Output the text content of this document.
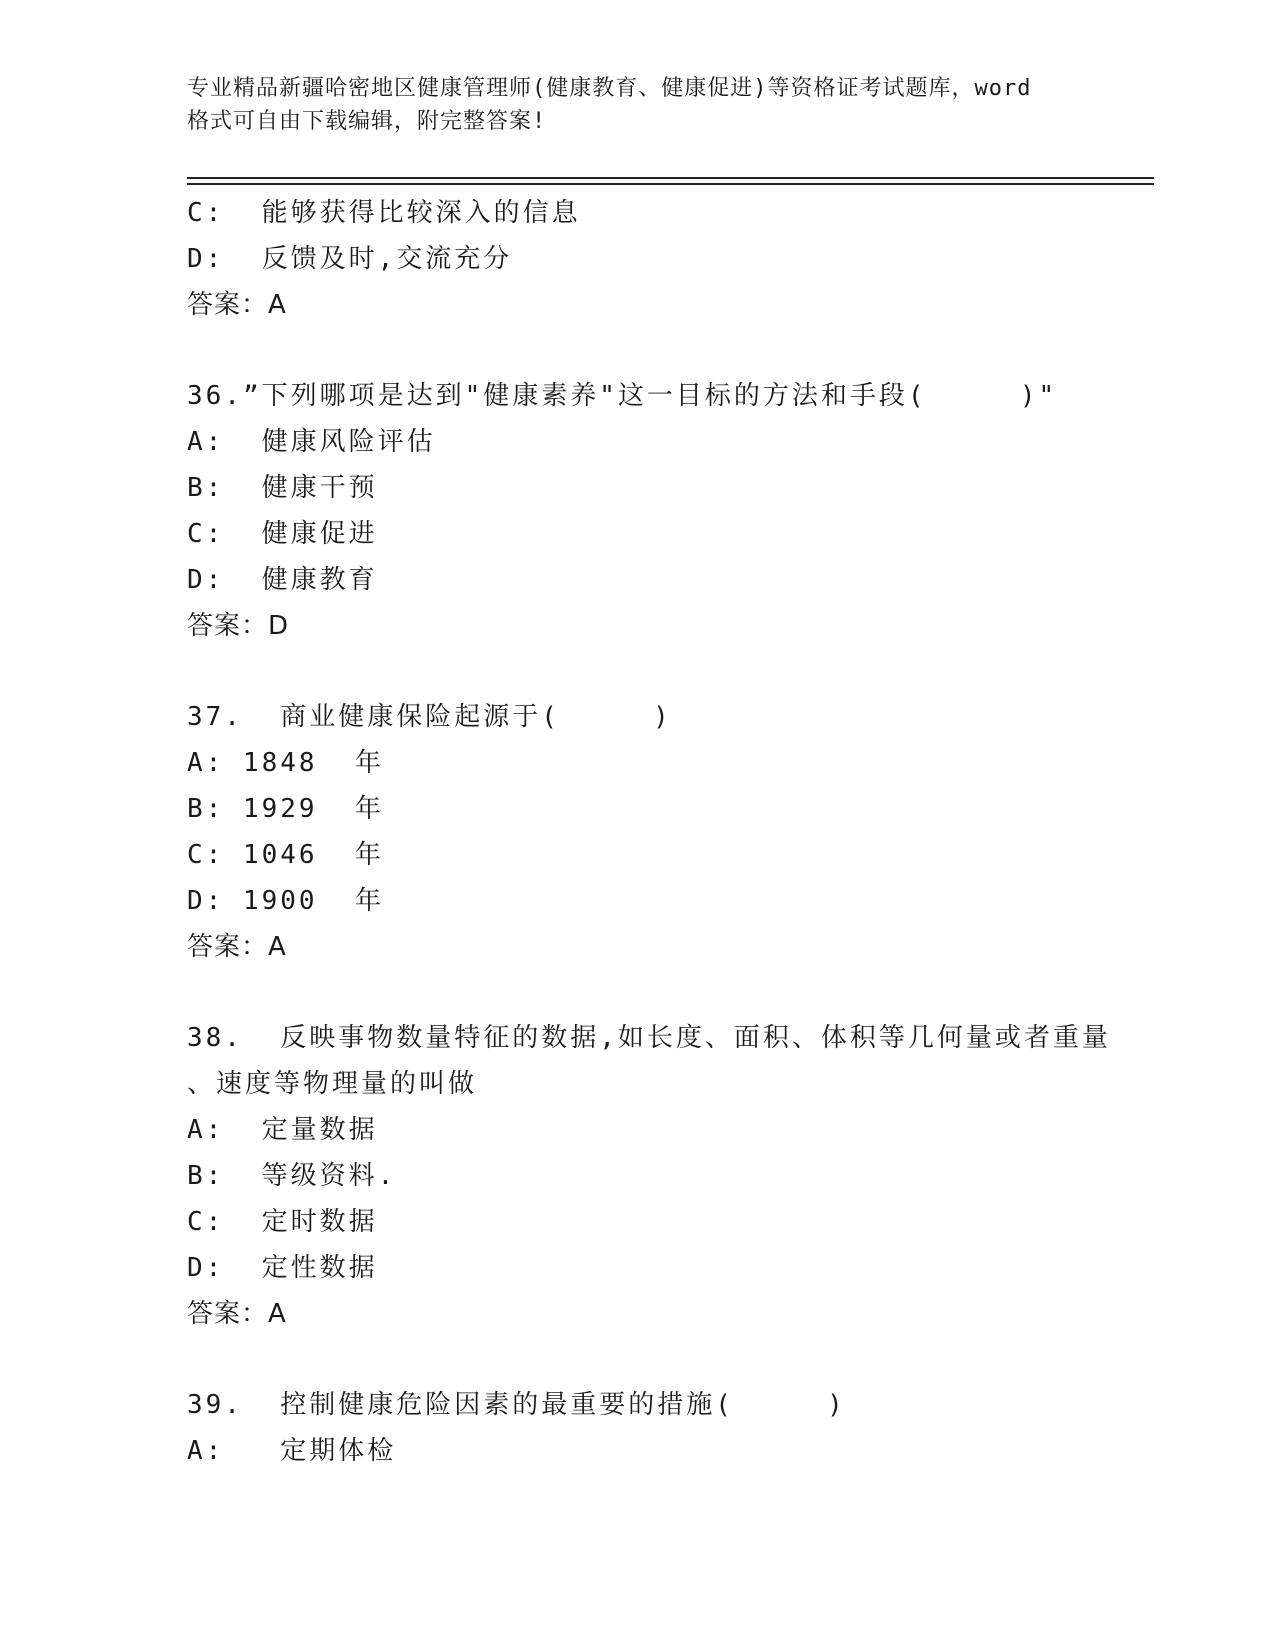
专业精品新疆哈密地区健康管理师(健康教育、健康促进)等资格证考试题库，word
格式可自由下载编辑，附完整答案!
C:  能够获得比较深入的信息
D:  反馈及时,交流充分
答案：A
36.”下列哪项是达到"健康素养"这一目标的方法和手段(     )"
A:  健康风险评估
B:  健康干预
C:  健康促进
D:  健康教育
答案：D
37.  商业健康保险起源于(     )
A: 1848  年
B: 1929  年
C: 1046  年
D: 1900  年
答案：A
38.  反映事物数量特征的数据,如长度、面积、体积等几何量或者重量
、速度等物理量的叫做
A:  定量数据
B:  等级资料.
C:  定时数据
D:  定性数据
答案：A
39.  控制健康危险因素的最重要的措施(     )
A:   定期体检
